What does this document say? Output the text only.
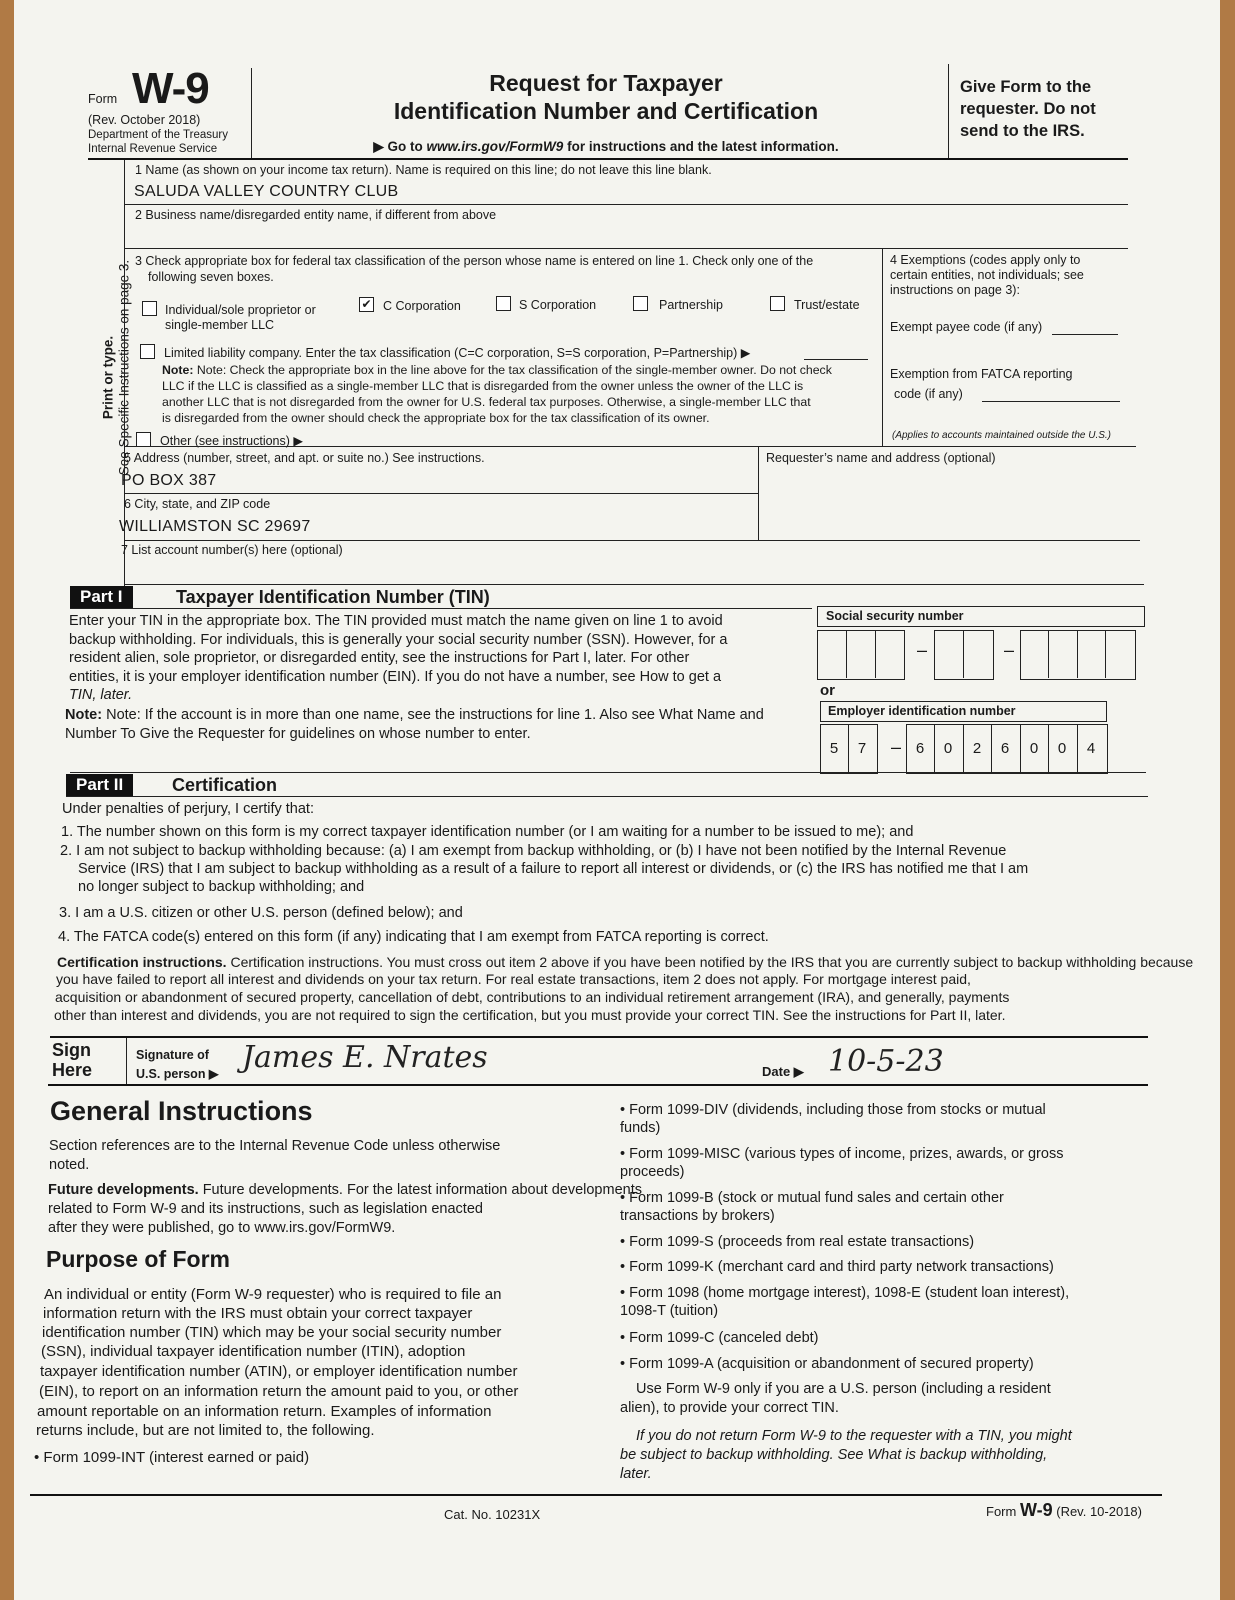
Form W-9
(Rev. October 2018)
Department of the Treasury
Internal Revenue Service
Request for Taxpayer
Identification Number and Certification
▶ Go to www.irs.gov/FormW9 for instructions and the latest information.
Give Form to the
requester. Do not
send to the IRS.
Print or type. See Specific Instructions on page 3.
1 Name (as shown on your income tax return). Name is required on this line; do not leave this line blank.
SALUDA VALLEY COUNTRY CLUB
2 Business name/disregarded entity name, if different from above
3 Check appropriate box for federal tax classification of the person whose name is entered on line 1. Check only one of the
following seven boxes.
Individual/sole proprietor or
single-member LLC
✔ C Corporation	S Corporation	Partnership	Trust/estate
Limited liability company. Enter the tax classification (C=C corporation, S=S corporation, P=Partnership) ▶
Note: Note: Check the appropriate box in the line above for the tax classification of the single-member owner. Do not check
LLC if the LLC is classified as a single-member LLC that is disregarded from the owner unless the owner of the LLC is
another LLC that is not disregarded from the owner for U.S. federal tax purposes. Otherwise, a single-member LLC that
is disregarded from the owner should check the appropriate box for the tax classification of its owner.
Other (see instructions) ▶
4 Exemptions (codes apply only to
certain entities, not individuals; see
instructions on page 3):
Exempt payee code (if any)
Exemption from FATCA reporting
code (if any)
(Applies to accounts maintained outside the U.S.)
5 Address (number, street, and apt. or suite no.) See instructions.
PO BOX 387
Requester’s name and address (optional)
6 City, state, and ZIP code
WILLIAMSTON SC 29697
7 List account number(s) here (optional)
Part I	Taxpayer Identification Number (TIN)
Enter your TIN in the appropriate box. The TIN provided must match the name given on line 1 to avoid
backup withholding. For individuals, this is generally your social security number (SSN). However, for a
resident alien, sole proprietor, or disregarded entity, see the instructions for Part I, later. For other
entities, it is your employer identification number (EIN). If you do not have a number, see How to get a
TIN, later.
Note: Note: If the account is in more than one name, see the instructions for line 1. Also see What Name and
Number To Give the Requester for guidelines on whose number to enter.
Social security number
–	–
or
Employer identification number
5	7	– 6	0	2	6	0	0	4
Part II	Certification
Under penalties of perjury, I certify that:
1. The number shown on this form is my correct taxpayer identification number (or I am waiting for a number to be issued to me); and
2. I am not subject to backup withholding because: (a) I am exempt from backup withholding, or (b) I have not been notified by the Internal Revenue
Service (IRS) that I am subject to backup withholding as a result of a failure to report all interest or dividends, or (c) the IRS has notified me that I am
no longer subject to backup withholding; and
3. I am a U.S. citizen or other U.S. person (defined below); and
4. The FATCA code(s) entered on this form (if any) indicating that I am exempt from FATCA reporting is correct.
Certification instructions. Certification instructions. You must cross out item 2 above if you have been notified by the IRS that you are currently subject to backup withholding because
you have failed to report all interest and dividends on your tax return. For real estate transactions, item 2 does not apply. For mortgage interest paid,
acquisition or abandonment of secured property, cancellation of debt, contributions to an individual retirement arrangement (IRA), and generally, payments
other than interest and dividends, you are not required to sign the certification, but you must provide your correct TIN. See the instructions for Part II, later.
Sign
Here
Signature of
U.S. person ▶ James E. Nrates	Date ▶ 10-5-23
General Instructions
Section references are to the Internal Revenue Code unless otherwise
noted.
Future developments. Future developments. For the latest information about developments
related to Form W-9 and its instructions, such as legislation enacted
after they were published, go to www.irs.gov/FormW9.
Purpose of Form
An individual or entity (Form W-9 requester) who is required to file an
information return with the IRS must obtain your correct taxpayer
identification number (TIN) which may be your social security number
(SSN), individual taxpayer identification number (ITIN), adoption
taxpayer identification number (ATIN), or employer identification number
(EIN), to report on an information return the amount paid to you, or other
amount reportable on an information return. Examples of information
returns include, but are not limited to, the following.
• Form 1099-INT (interest earned or paid)
• Form 1099-DIV (dividends, including those from stocks or mutual
funds)
• Form 1099-MISC (various types of income, prizes, awards, or gross
proceeds)
• Form 1099-B (stock or mutual fund sales and certain other
transactions by brokers)
• Form 1099-S (proceeds from real estate transactions)
• Form 1099-K (merchant card and third party network transactions)
• Form 1098 (home mortgage interest), 1098-E (student loan interest),
1098-T (tuition)
• Form 1099-C (canceled debt)
• Form 1099-A (acquisition or abandonment of secured property)
Use Form W-9 only if you are a U.S. person (including a resident
alien), to provide your correct TIN.
If you do not return Form W-9 to the requester with a TIN, you might
be subject to backup withholding. See What is backup withholding,
later.
Cat. No. 10231X	Form W-9 (Rev. 10-2018)
